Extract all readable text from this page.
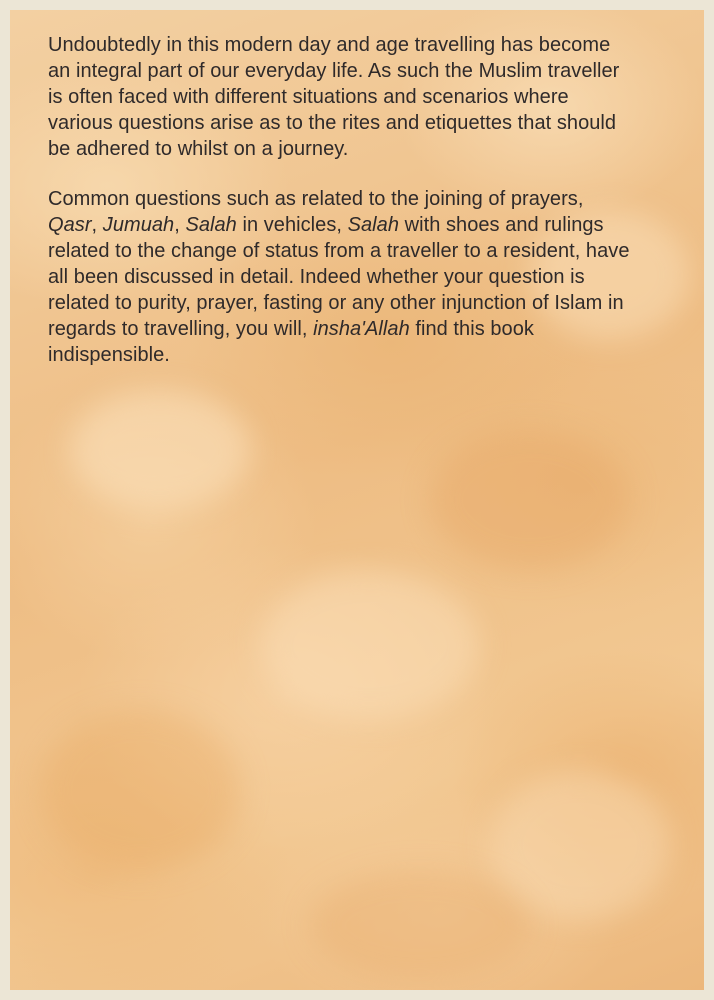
Undoubtedly in this modern day and age travelling has become
an integral part of our everyday life. As such the Muslim traveller
is often faced with different situations and scenarios where
various questions arise as to the rites and etiquettes that should
be adhered to whilst on a journey.

Common questions such as related to the joining of prayers,
Qasr, Jumuah, Salah in vehicles, Salah with shoes and rulings
related to the change of status from a traveller to a resident, have
all been discussed in detail. Indeed whether your question is
related to purity, prayer, fasting or any other injunction of Islam in
regards to travelling, you will, insha'Allah find this book
indispensible.
